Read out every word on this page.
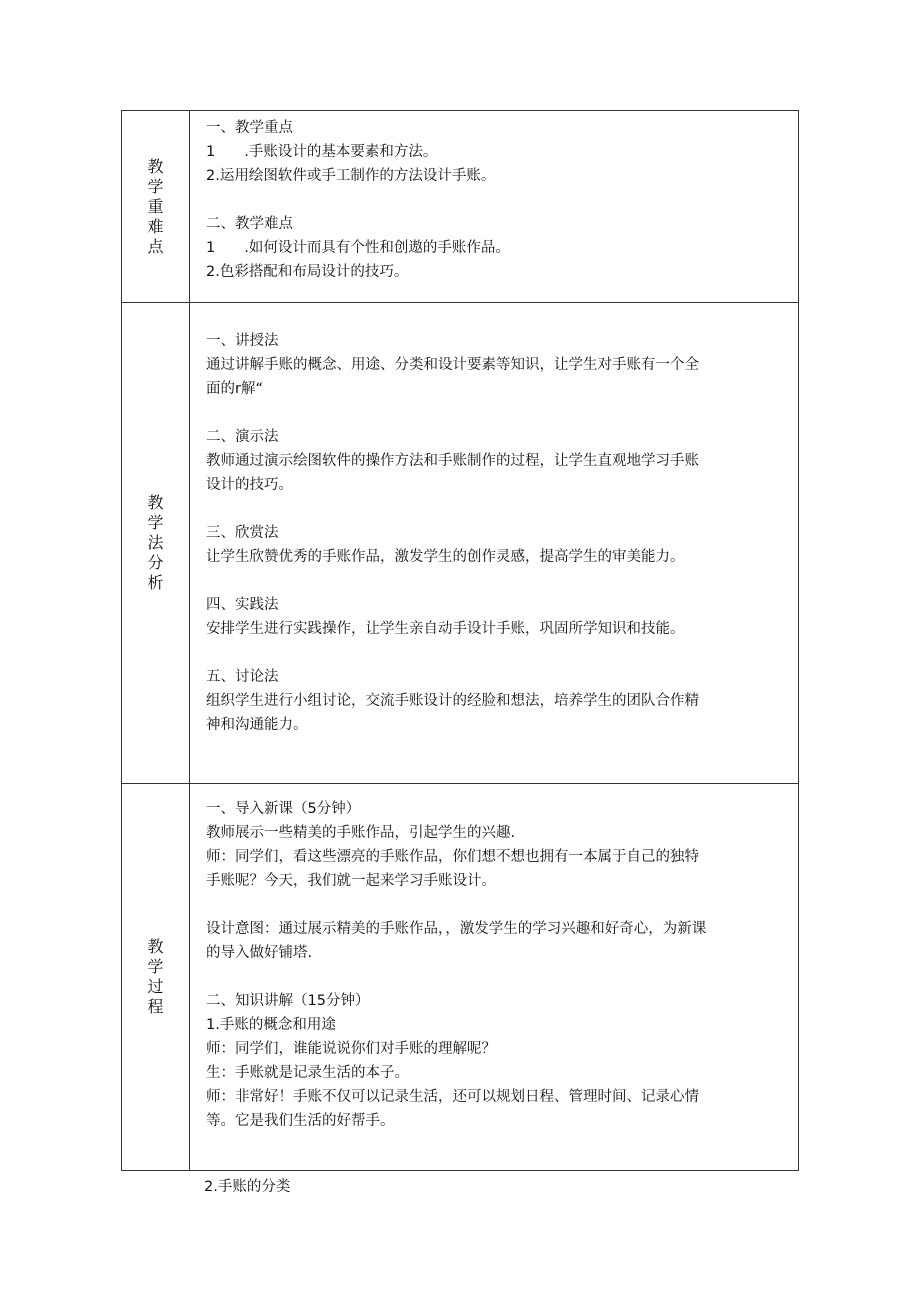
教
学
重
难
点

一、教学重点

1　　.手账设计的基本要素和方法。

2.运用绘图软件或手工制作的方法设计手账。

二、教学难点

1　　.如何设计而具有个性和创遨的手账作品。

2.色彩搭配和布局设计的技巧。

教
学
法
分
析

一、讲授法

通过讲解手账的概念、用途、分类和设计要素等知识，让学生对手账有一个全

面的r解“

二、演示法

教师通过演示绘图软件的操作方法和手账制作的过程，让学生直观地学习手账

设计的技巧。

三、欣赏法

让学生欣赞优秀的手账作品，激发学生的创作灵感，提高学生的审美能力。

四、实践法

安排学生进行实践操作，让学生亲自动手设计手账，巩固所学知识和技能。

五、讨论法

组织学生进行小组讨论，交流手账设计的经脸和想法，培养学生的团队合作精

神和沟通能力。

教
学
过
程

一、导入新课（5分钟）

教师展示一些精美的手账作品，引起学生的兴趣.

师：同学们，看这些漂亮的手账作品，你们想不想也拥有一本属于自己的独特

手账呢？今天，我们就一起来学习手账设计。

设计意图：通过展示精美的手账作品，，激发学生的学习兴趣和好奇心，为新课

的导入做好铺塔.

二、知识讲解（15分钟）

1.手账的概念和用途

师：同学们，谁能说说你们对手账的理解呢？

生：手账就是记录生活的本子。

师：非常好！手账不仅可以记录生活，还可以规划日程、管理时间、记录心情

等。它是我们生活的好帮手。

2.手账的分类
